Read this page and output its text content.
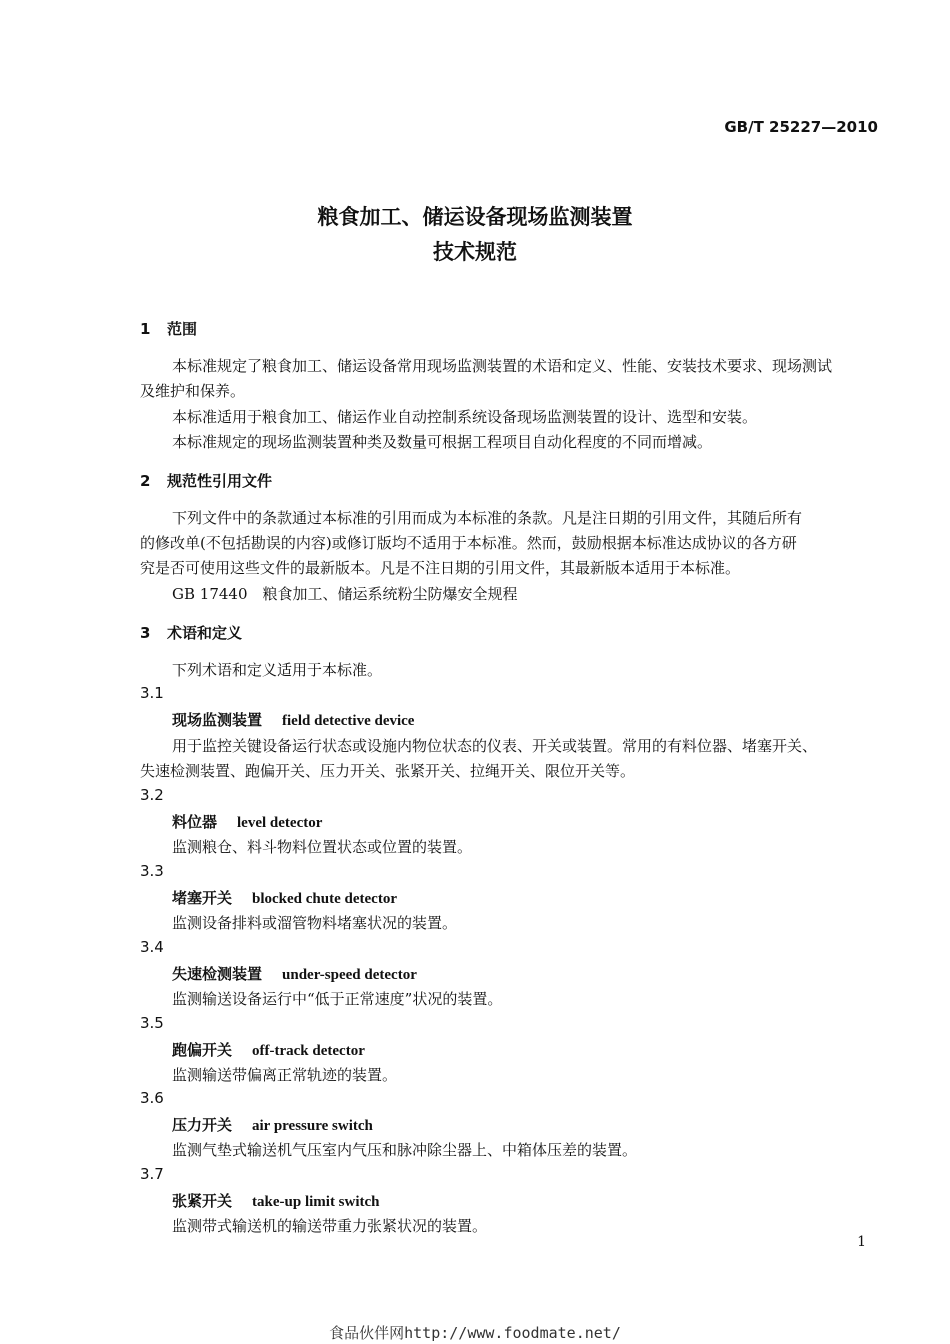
GB/T 25227—2010
粮食加工、储运设备现场监测装置
技术规范
1 范围
本标准规定了粮食加工、储运设备常用现场监测装置的术语和定义、性能、安装技术要求、现场测试
及维护和保养。
本标准适用于粮食加工、储运作业自动控制系统设备现场监测装置的设计、选型和安装。
本标准规定的现场监测装置种类及数量可根据工程项目自动化程度的不同而增减。
2 规范性引用文件
下列文件中的条款通过本标准的引用而成为本标准的条款。凡是注日期的引用文件，其随后所有
的修改单(不包括勘误的内容)或修订版均不适用于本标准。然而，鼓励根据本标准达成协议的各方研
究是否可使用这些文件的最新版本。凡是不注日期的引用文件，其最新版本适用于本标准。
GB 17440　粮食加工、储运系统粉尘防爆安全规程
3 术语和定义
下列术语和定义适用于本标准。
3.1
现场监测装置 field detective device
用于监控关键设备运行状态或设施内物位状态的仪表、开关或装置。常用的有料位器、堵塞开关、
失速检测装置、跑偏开关、压力开关、张紧开关、拉绳开关、限位开关等。
3.2
料位器 level detector
监测粮仓、料斗物料位置状态或位置的装置。
3.3
堵塞开关 blocked chute detector
监测设备排料或溜管物料堵塞状况的装置。
3.4
失速检测装置 under-speed detector
监测输送设备运行中“低于正常速度”状况的装置。
3.5
跑偏开关 off-track detector
监测输送带偏离正常轨迹的装置。
3.6
压力开关 air pressure switch
监测气垫式输送机气压室内气压和脉冲除尘器上、中箱体压差的装置。
3.7
张紧开关 take-up limit switch
监测带式输送机的输送带重力张紧状况的装置。
1
食品伙伴网http://www.foodmate.net/
